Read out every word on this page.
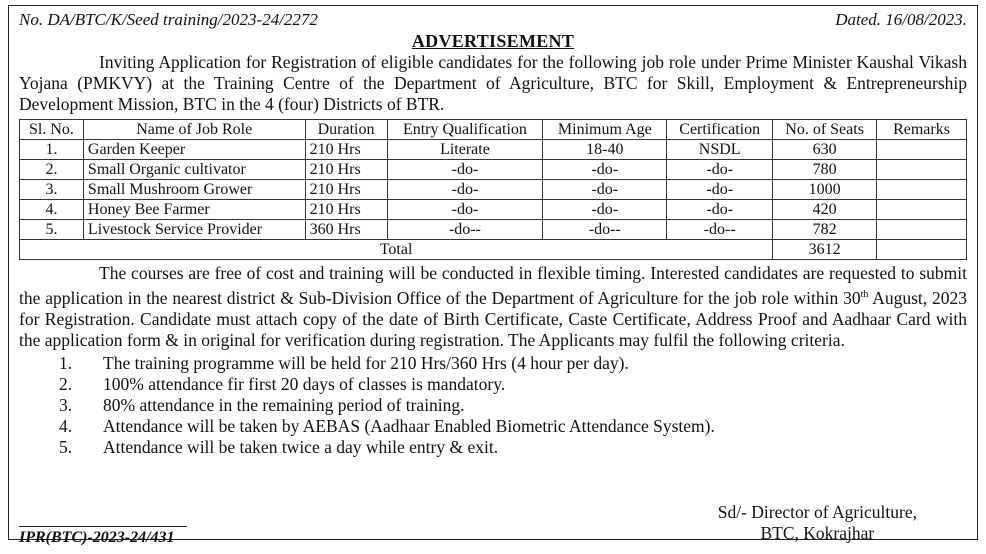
No. DA/BTC/K/Seed training/2023-24/2272	Dated. 16/08/2023.
ADVERTISEMENT

Inviting Application for Registration of eligible candidates for the following job role under Prime Minister Kaushal Vikash Yojana (PMKVY) at the Training Centre of the Department of Agriculture, BTC for Skill, Employment & Entrepreneurship Development Mission, BTC in the 4 (four) Districts of BTR.

Sl. No.	Name of Job Role	Duration	Entry Qualification	Minimum Age	Certification	No. of Seats	Remarks
1.	Garden Keeper	210 Hrs	Literate	18-40	NSDL	630	
2.	Small Organic cultivator	210 Hrs	-do-	-do-	-do-	780	
3.	Small Mushroom Grower	210 Hrs	-do-	-do-	-do-	1000	
4.	Honey Bee Farmer	210 Hrs	-do-	-do-	-do-	420	
5.	Livestock Service Provider	360 Hrs	-do--	-do--	-do--	782	
Total						3612	

The courses are free of cost and training will be conducted in flexible timing. Interested candidates are requested to submit the application in the nearest district & Sub-Division Office of the Department of Agriculture for the job role within 30th August, 2023 for Registration. Candidate must attach copy of the date of Birth Certificate, Caste Certificate, Address Proof and Aadhaar Card with the application form & in original for verification during registration. The Applicants may fulfil the following criteria.

1.	The training programme will be held for 210 Hrs/360 Hrs (4 hour per day).
2.	100% attendance fir first 20 days of classes is mandatory.
3.	80% attendance in the remaining period of training.
4.	Attendance will be taken by AEBAS (Aadhaar Enabled Biometric Attendance System).
5.	Attendance will be taken twice a day while entry & exit.
Sd/- Director of Agriculture,
BTC, Kokrajhar
IPR(BTC)-2023-24/431
